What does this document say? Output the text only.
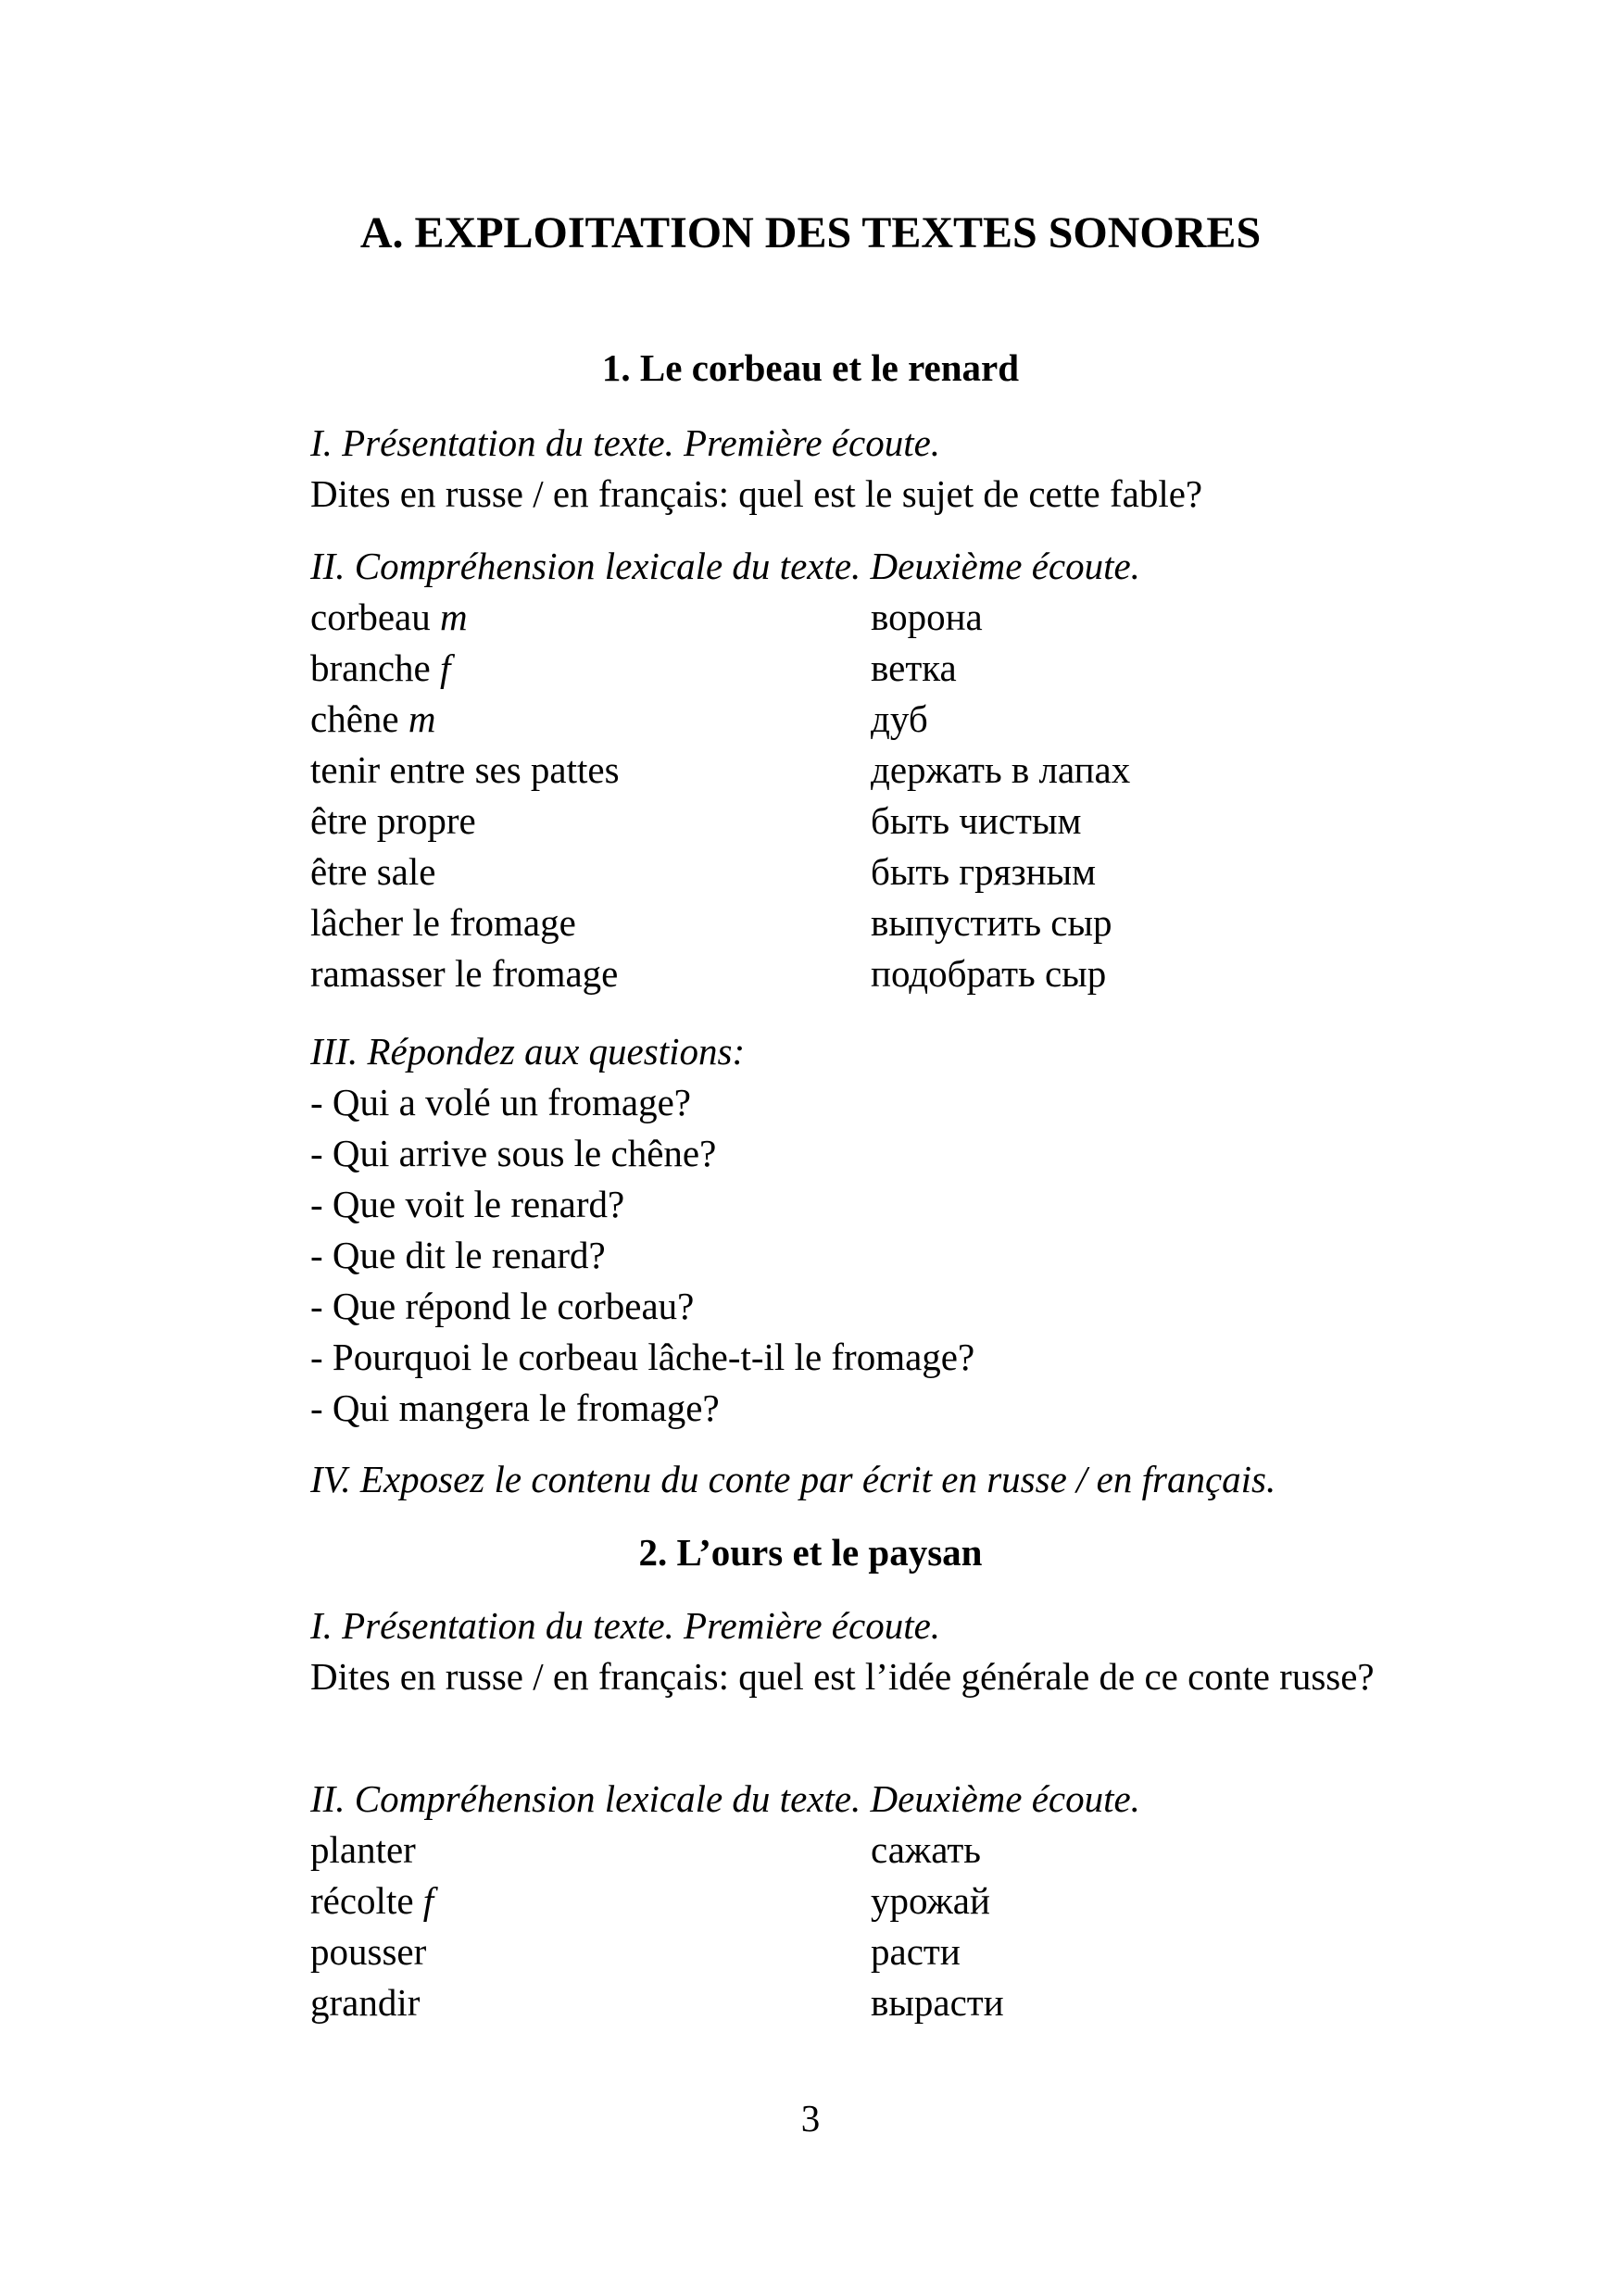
A. EXPLOITATION DES TEXTES SONORES
1. Le corbeau et le renard
I. Présentation du texte. Première écoute.
Dites en russe / en français: quel est le sujet de cette fable?
II. Compréhension lexicale du texte. Deuxième écoute.
corbeau m	ворона
branche f	ветка
chêne m	дуб
tenir entre ses pattes	держать в лапах
être propre	быть чистым
être sale	быть грязным
lâcher le fromage	выпустить сыр
ramasser le fromage	подобрать сыр
III. Répondez aux questions:
- Qui a volé un fromage?
- Qui arrive sous le chêne?
- Que voit le renard?
- Que dit le renard?
- Que répond le corbeau?
- Pourquoi le corbeau lâche-t-il le fromage?
- Qui mangera le fromage?
IV. Exposez le contenu du conte par écrit en russe / en français.
2. L’ours et le paysan
I. Présentation du texte. Première écoute.
Dites en russe / en français: quel est l’idée générale de ce conte russe?
II. Compréhension lexicale du texte. Deuxième écoute.
planter	сажать
récolte f	урожай
pousser	расти
grandir	вырасти
3
